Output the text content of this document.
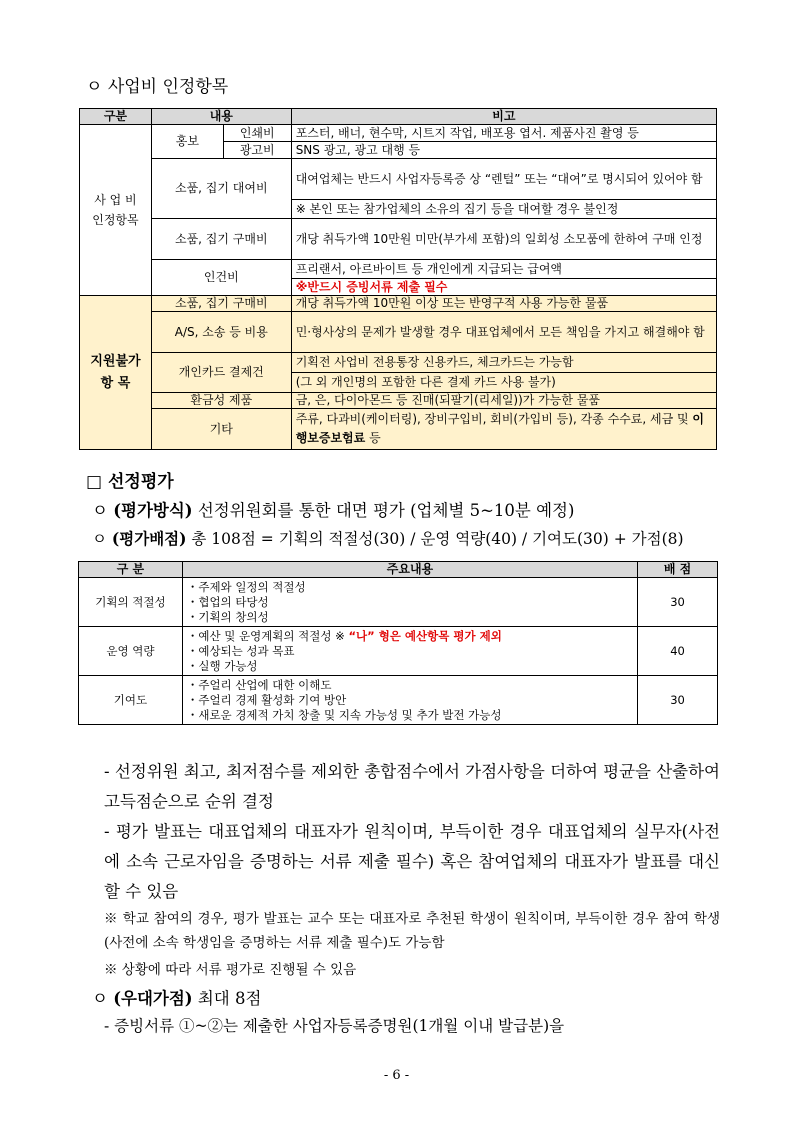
ㅇ 사업비 인정항목
구분	내용		비고
사 업 비
인정항목	홍보	인쇄비	포스터, 배너, 현수막, 시트지 작업, 배포용 엽서. 제품사진 촬영 등
		광고비	SNS 광고, 광고 대행 등
	소품, 집기 대여비		대여업체는 반드시 사업자등록증 상 “렌털” 또는 “대여”로 명시되어 있어야 함
			※ 본인 또는 참가업체의 소유의 집기 등을 대여할 경우 불인정
	소품, 집기 구매비		개당 취득가액 10만원 미만(부가세 포함)의 일회성 소모품에 한하여 구매 인정
	인건비		프리랜서, 아르바이트 등 개인에게 지급되는 급여액
			※반드시 증빙서류 제출 필수
지원불가
항 목	소품, 집기 구매비		개당 취득가액 10만원 이상 또는 반영구적 사용 가능한 물품
	A/S, 소송 등 비용		민·형사상의 문제가 발생할 경우 대표업체에서 모든 책임을 가지고 해결해야 함
	개인카드 결제건		기획전 사업비 전용통장 신용카드, 체크카드는 가능함
			(그 외 개인명의 포함한 다른 결제 카드 사용 불가)
	환금성 제품		금, 은, 다이아몬드 등 진매(되팔기(리세일))가 가능한 물품
	기타		주류, 다과비(케이터링), 장비구입비, 회비(가입비 등), 각종 수수료, 세금 및 이행보증보험료 등
□ 선정평가
ㅇ (평가방식) 선정위원회를 통한 대면 평가 (업체별 5~10분 예정)
ㅇ (평가배점) 총 108점 = 기획의 적절성(30) / 운영 역량(40) / 기여도(30) + 가점(8)
구 분	주요내용	배 점
기획의 적절성	・주제와 일정의 적절성
・협업의 타당성
・기획의 창의성	30
운영 역량	・예산 및 운영계획의 적절성 ※ “나” 형은 예산항목 평가 제외
・예상되는 성과 목표
・실행 가능성	40
기여도	・주얼리 산업에 대한 이해도
・주얼리 경제 활성화 기여 방안
・새로운 경제적 가치 창출 및 지속 가능성 및 추가 발전 가능성	30
- 선정위원 최고, 최저점수를 제외한 총합점수에서 가점사항을 더하여 평균을 산출하여 고득점순으로 순위 결정
- 평가 발표는 대표업체의 대표자가 원칙이며, 부득이한 경우 대표업체의 실무자(사전에 소속 근로자임을 증명하는 서류 제출 필수) 혹은 참여업체의 대표자가 발표를 대신할 수 있음
※ 학교 참여의 경우, 평가 발표는 교수 또는 대표자로 추천된 학생이 원칙이며, 부득이한 경우 참여 학생(사전에 소속 학생임을 증명하는 서류 제출 필수)도 가능함
※ 상황에 따라 서류 평가로 진행될 수 있음
ㅇ (우대가점) 최대 8점
- 증빙서류 ①~②는 제출한 사업자등록증명원(1개월 이내 발급분)을
- 6 -
